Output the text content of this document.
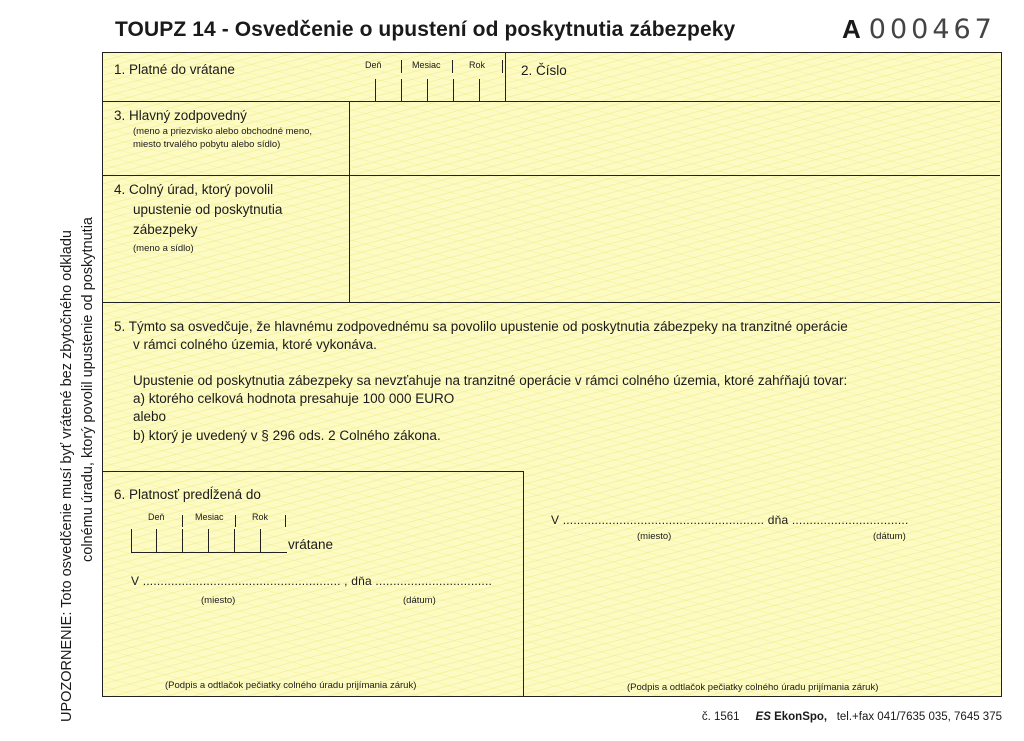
TOUPZ 14 - Osvedčenie o upustení od poskytnutia zábezpeky	A 000467
UPOZORNENIE: Toto osvedčenie musí byť vrátené bez zbytočného odkladu colnému úradu, ktorý povolil upustenie od poskytnutia
1. Platné do vrátane	Deň	Mesiac	Rok	2. Číslo
3. Hlavný zodpovedný
(meno a priezvisko alebo obchodné meno,
miesto trvalého pobytu alebo sídlo)
4. Colný úrad, ktorý povolil
upustenie od poskytnutia
zábezpeky
(meno a sídlo)
5. Týmto sa osvedčuje, že hlavnému zodpovednému sa povolilo upustenie od poskytnutia zábezpeky na tranzitné operácie
v rámci colného územia, ktoré vykonáva.
Upustenie od poskytnutia zábezpeky sa nevzťahuje na tranzitné operácie v rámci colného územia, ktoré zahŕňajú tovar:
a) ktorého celková hodnota presahuje 100 000 EURO
alebo
b) ktorý je uvedený v § 296 ods. 2 Colného zákona.
6. Platnosť predĺžená do
Deň	Mesiac	Rok
vrátane
V ........................................................ , dňa .................................
(miesto)	(dátum)
(Podpis a odtlačok pečiatky colného úradu prijímania záruk)
V ......................................................... dňa .................................
(miesto)	(dátum)
(Podpis a odtlačok pečiatky colného úradu prijímania záruk)
č. 1561 ES EkonSpo, tel.+fax 041/7635 035, 7645 375
